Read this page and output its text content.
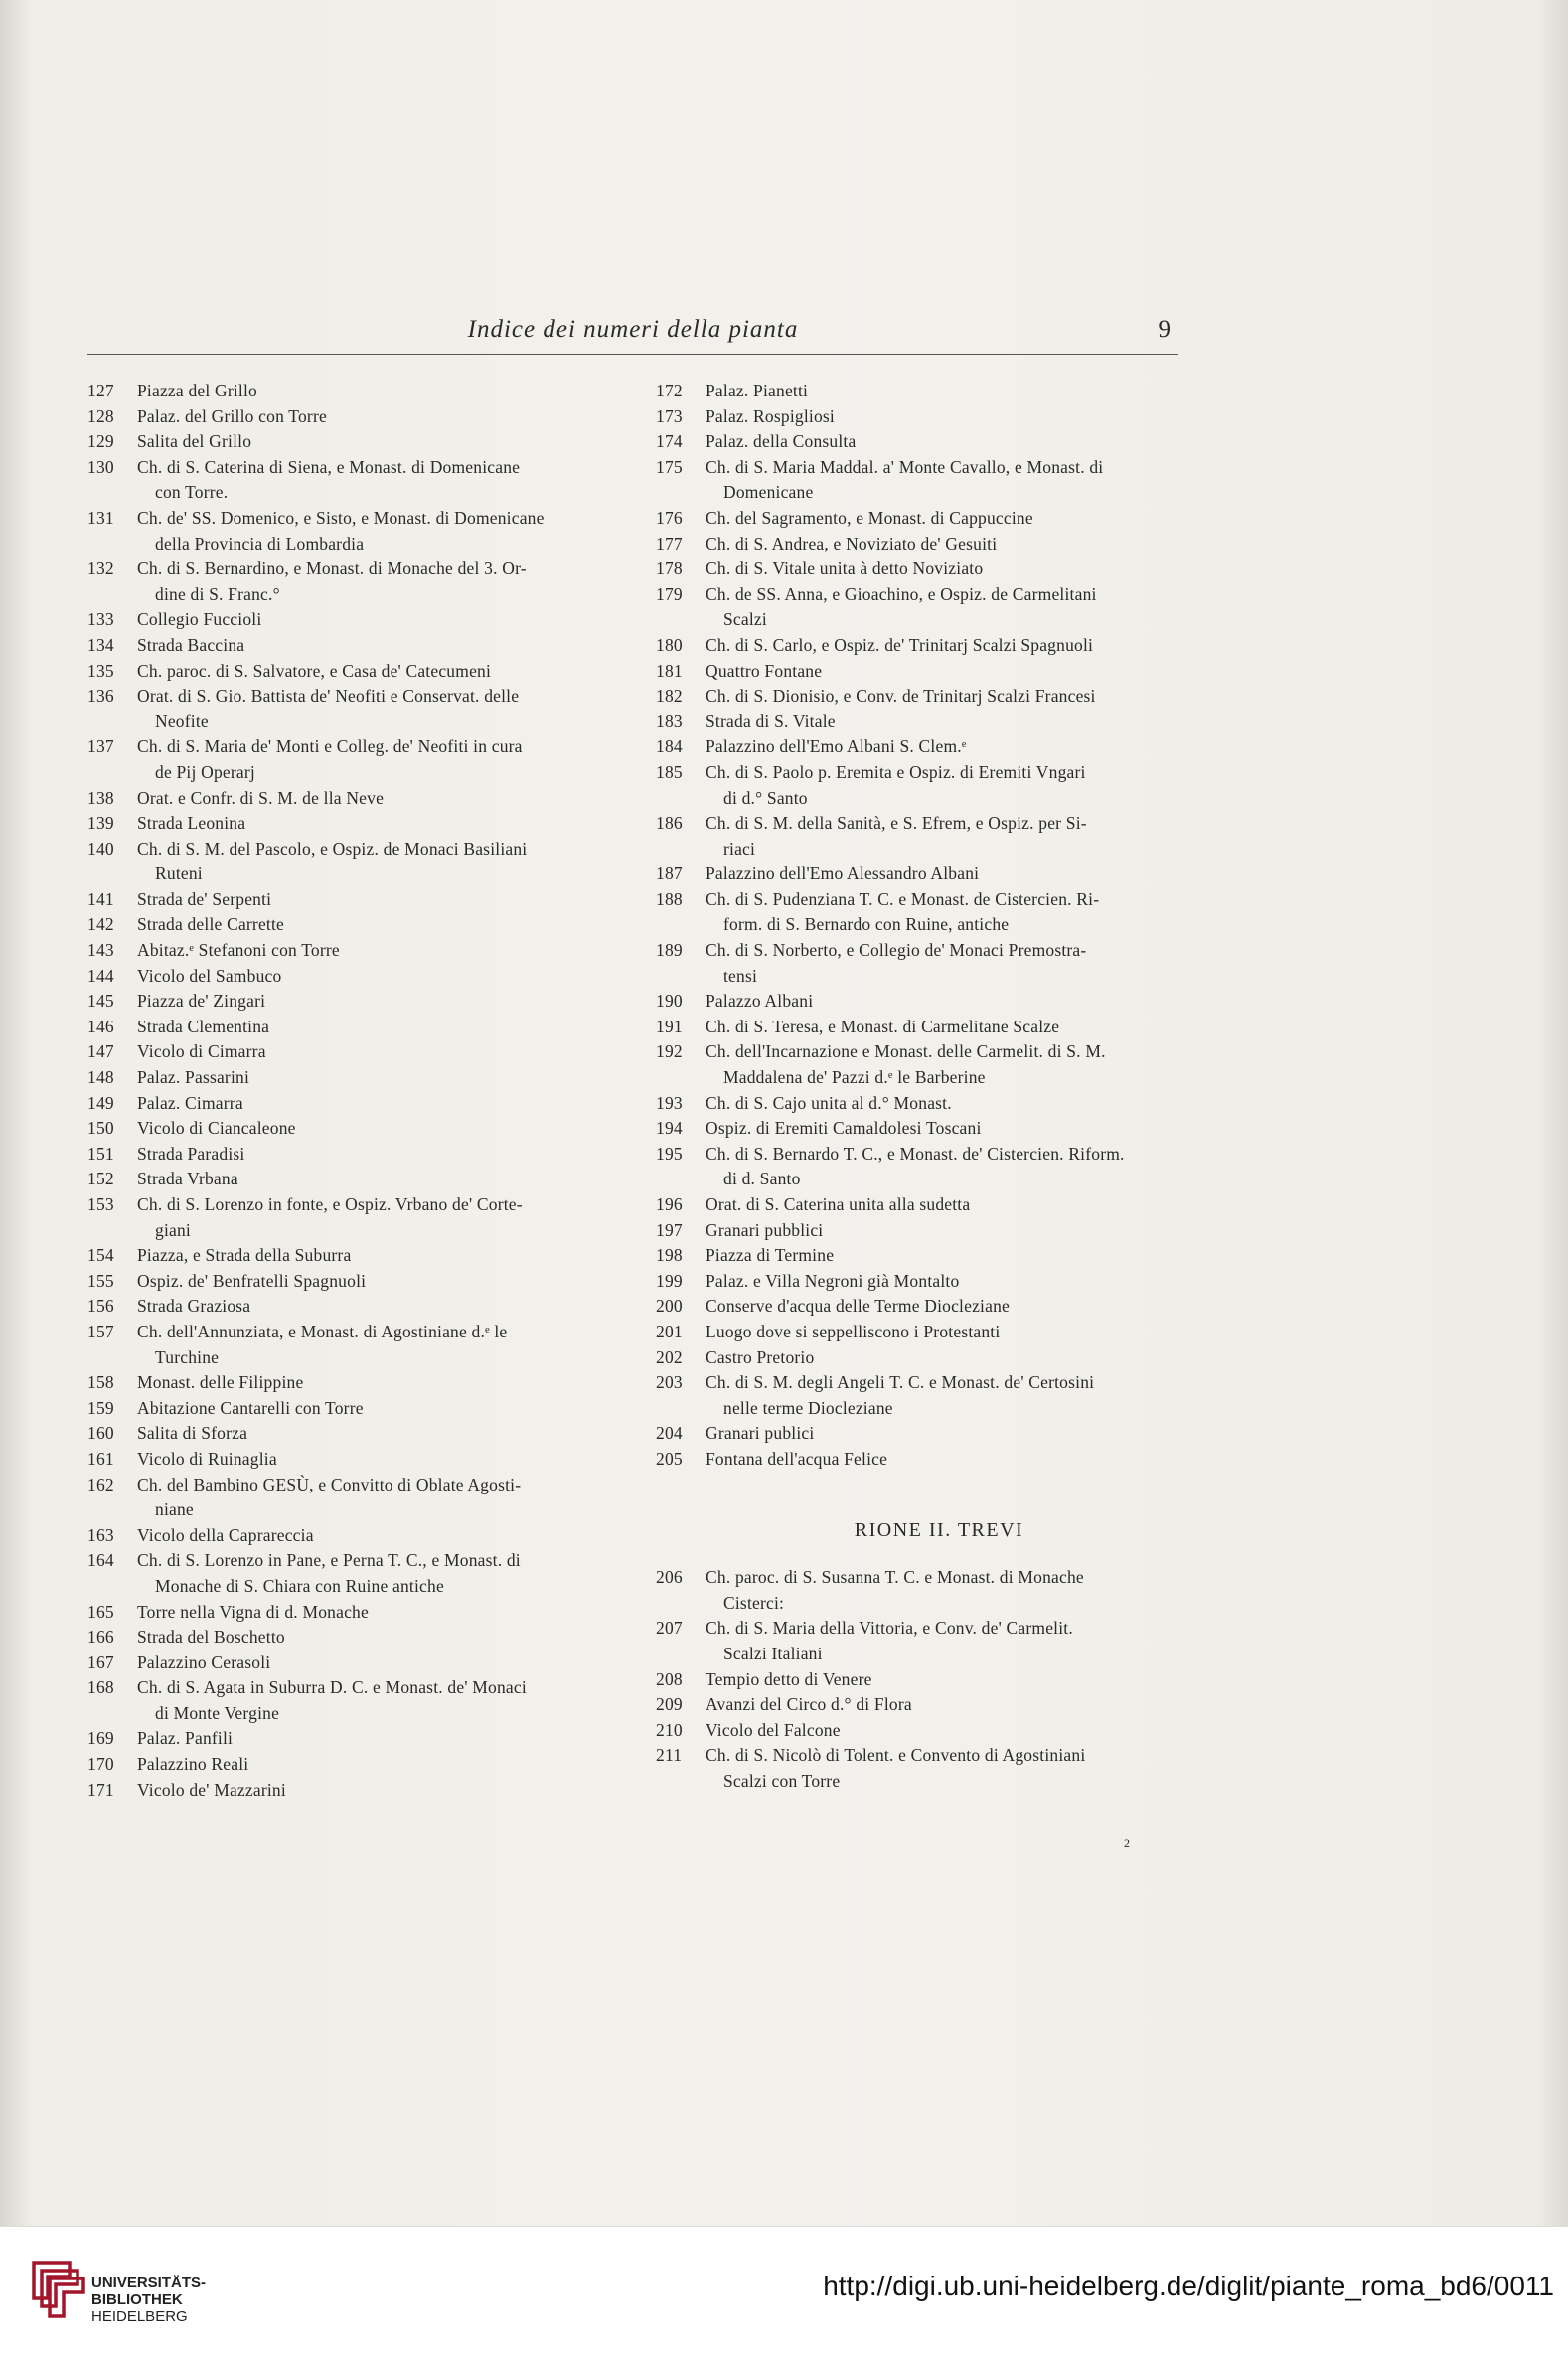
Indice dei numeri della pianta	9
127	Piazza del Grillo
128	Palaz. del Grillo con Torre
129	Salita del Grillo
130	Ch. di S. Caterina di Siena, e Monast. di Domenicane

con Torre.
131	Ch. de' SS. Domenico, e Sisto, e Monast. di Domenicane

della Provincia di Lombardia
132	Ch. di S. Bernardino, e Monast. di Monache del 3. Or-

dine di S. Franc.°
133	Collegio Fuccioli
134	Strada Baccina
135	Ch. paroc. di S. Salvatore, e Casa de' Catecumeni
136	Orat. di S. Gio. Battista de' Neofiti e Conservat. delle

Neofite
137	Ch. di S. Maria de' Monti e Colleg. de' Neofiti in cura

de Pij Operarj
138	Orat. e Confr. di S. M. de lla Neve
139	Strada Leonina
140	Ch. di S. M. del Pascolo, e Ospiz. de Monaci Basiliani

Ruteni
141	Strada de' Serpenti
142	Strada delle Carrette
143	Abitaz.ᵉ Stefanoni con Torre
144	Vicolo del Sambuco
145	Piazza de' Zingari
146	Strada Clementina
147	Vicolo di Cimarra
148	Palaz. Passarini
149	Palaz. Cimarra
150	Vicolo di Ciancaleone
151	Strada Paradisi
152	Strada Vrbana
153	Ch. di S. Lorenzo in fonte, e Ospiz. Vrbano de' Corte-

giani
154	Piazza, e Strada della Suburra
155	Ospiz. de' Benfratelli Spagnuoli
156	Strada Graziosa
157	Ch. dell'Annunziata, e Monast. di Agostiniane d.ᵉ le

Turchine
158	Monast. delle Filippine
159	Abitazione Cantarelli con Torre
160	Salita di Sforza
161	Vicolo di Ruinaglia
162	Ch. del Bambino GESÙ, e Convitto di Oblate Agosti-

niane
163	Vicolo della Caprareccia
164	Ch. di S. Lorenzo in Pane, e Perna T. C., e Monast. di

Monache di S. Chiara con Ruine antiche
165	Torre nella Vigna di d. Monache
166	Strada del Boschetto
167	Palazzino Cerasoli
168	Ch. di S. Agata in Suburra D. C. e Monast. de' Monaci

di Monte Vergine
169	Palaz. Panfili
170	Palazzino Reali
171	Vicolo de' Mazzarini
172	Palaz. Pianetti
173	Palaz. Rospigliosi
174	Palaz. della Consulta
175	Ch. di S. Maria Maddal. a' Monte Cavallo, e Monast. di

Domenicane
176	Ch. del Sagramento, e Monast. di Cappuccine
177	Ch. di S. Andrea, e Noviziato de' Gesuiti
178	Ch. di S. Vitale unita à detto Noviziato
179	Ch. de SS. Anna, e Gioachino, e Ospiz. de Carmelitani

Scalzi
180	Ch. di S. Carlo, e Ospiz. de' Trinitarj Scalzi Spagnuoli
181	Quattro Fontane
182	Ch. di S. Dionisio, e Conv. de Trinitarj Scalzi Francesi
183	Strada di S. Vitale
184	Palazzino dell'Emo Albani S. Clem.ᵉ
185	Ch. di S. Paolo p. Eremita e Ospiz. di Eremiti Vngari

di d.° Santo
186	Ch. di S. M. della Sanità, e S. Efrem, e Ospiz. per Si-

riaci
187	Palazzino dell'Emo Alessandro Albani
188	Ch. di S. Pudenziana T. C. e Monast. de Cistercien. Ri-

form. di S. Bernardo con Ruine, antiche
189	Ch. di S. Norberto, e Collegio de' Monaci Premostra-

tensi
190	Palazzo Albani
191	Ch. di S. Teresa, e Monast. di Carmelitane Scalze
192	Ch. dell'Incarnazione e Monast. delle Carmelit. di S. M.

Maddalena de' Pazzi d.ᵉ le Barberine
193	Ch. di S. Cajo unita al d.° Monast.
194	Ospiz. di Eremiti Camaldolesi Toscani
195	Ch. di S. Bernardo T. C., e Monast. de' Cistercien. Riform.

di d. Santo
196	Orat. di S. Caterina unita alla sudetta
197	Granari pubblici
198	Piazza di Termine
199	Palaz. e Villa Negroni già Montalto
200	Conserve d'acqua delle Terme Diocleziane
201	Luogo dove si seppelliscono i Protestanti
202	Castro Pretorio
203	Ch. di S. M. degli Angeli T. C. e Monast. de' Certosini

nelle terme Diocleziane
204	Granari publici
205	Fontana dell'acqua Felice
RIONE II. TREVI
206	Ch. paroc. di S. Susanna T. C. e Monast. di Monache

Cisterci:
207	Ch. di S. Maria della Vittoria, e Conv. de' Carmelit.

Scalzi Italiani
208	Tempio detto di Venere
209	Avanzi del Circo d.° di Flora
210	Vicolo del Falcone
211	Ch. di S. Nicolò di Tolent. e Convento di Agostiniani

Scalzi con Torre
2
UNIVERSITÄTS-
BIBLIOTHEK
HEIDELBERG
http://digi.ub.uni-heidelberg.de/diglit/piante_roma_bd6/0011
